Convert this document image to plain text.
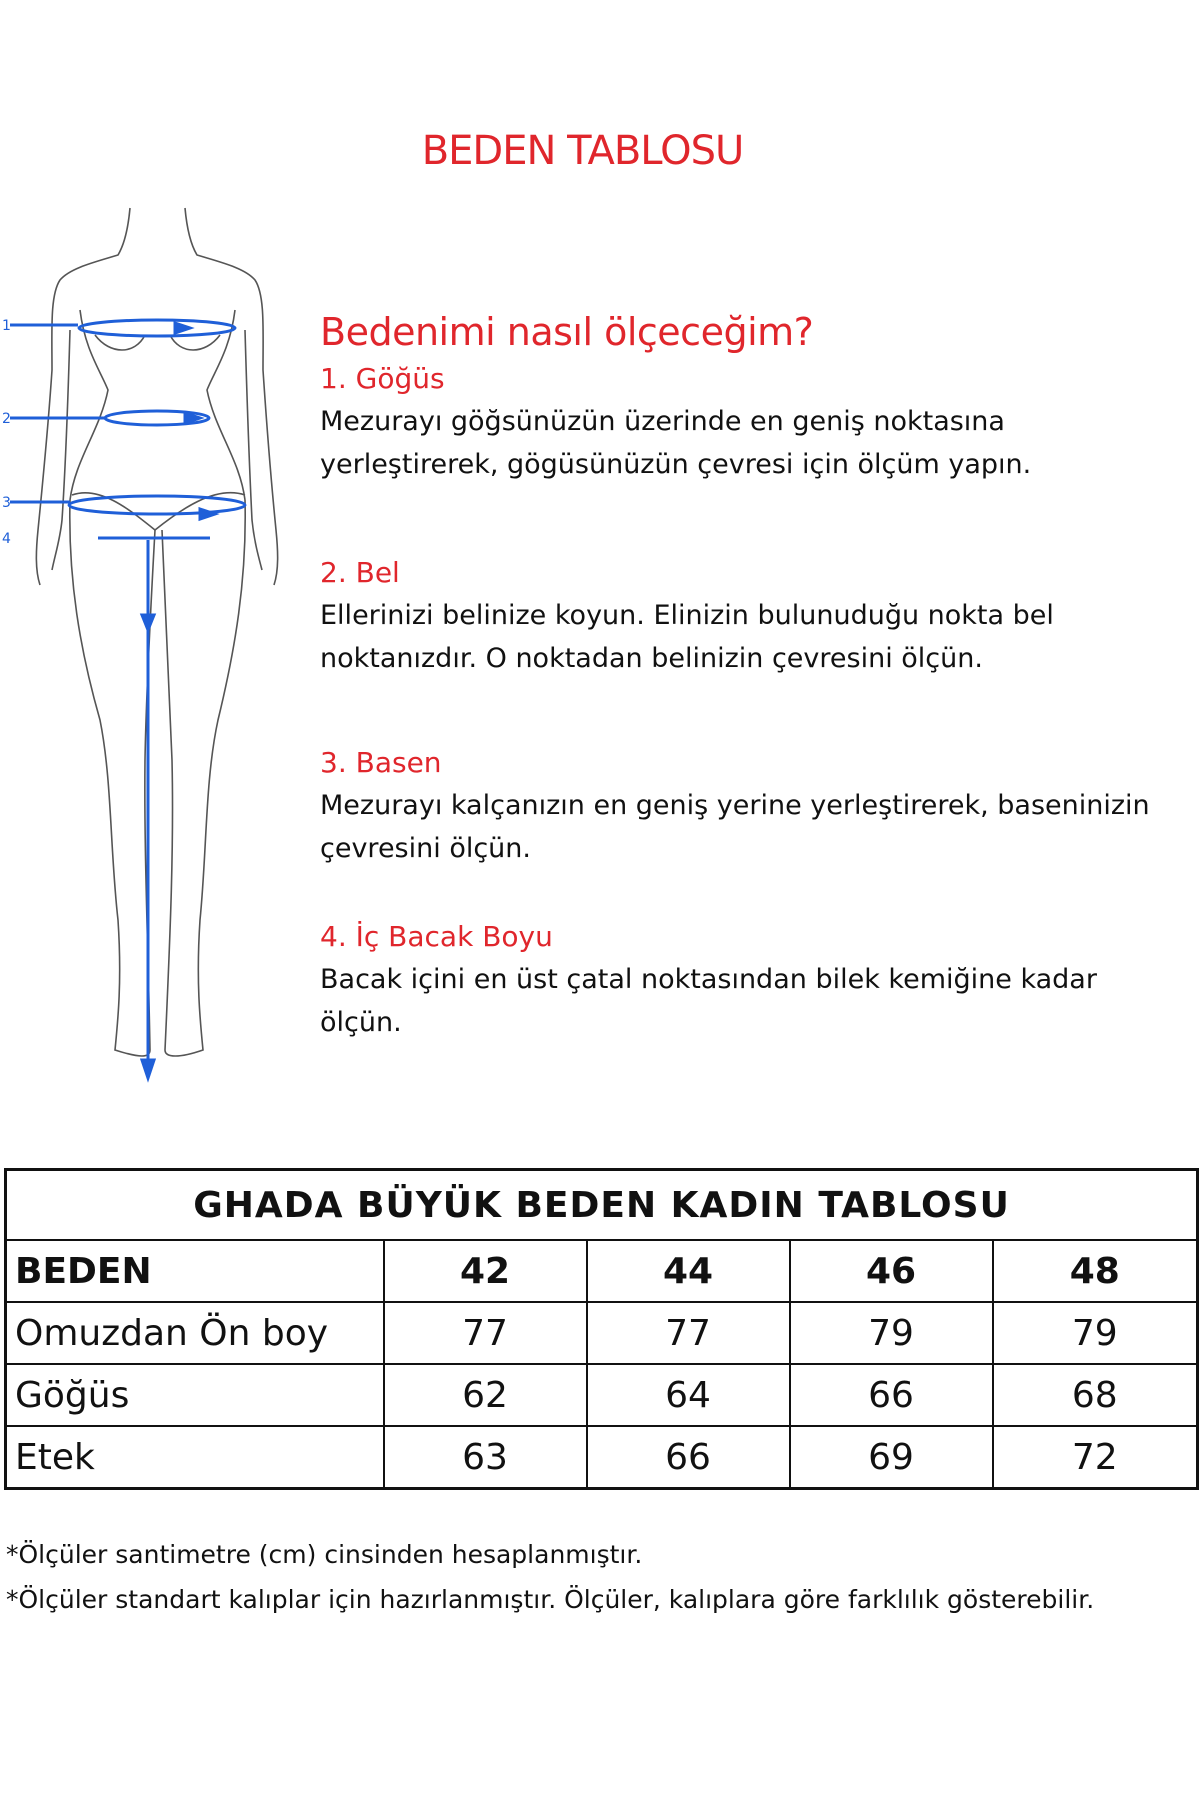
BEDEN TABLOSU
1
2
3
4
Bedenimi nasıl ölçeceğim?
1. Göğüs
Mezurayı göğsünüzün üzerinde en geniş noktasına yerleştirerek, gögüsünüzün çevresi için ölçüm yapın.
2. Bel
Ellerinizi belinize koyun. Elinizin bulunuduğu nokta bel noktanızdır. O noktadan belinizin çevresini ölçün.
3. Basen
Mezurayı kalçanızın en geniş yerine yerleştirerek, baseninizin çevresini ölçün.
4. İç Bacak Boyu
Bacak içini en üst çatal noktasından bilek kemiğine kadar ölçün.
GHADA BÜYÜK BEDEN KADIN TABLOSU				
BEDEN	42	44	46	48
Omuzdan Ön boy	77	77	79	79
Göğüs	62	64	66	68
Etek	63	66	69	72
*Ölçüler santimetre (cm) cinsinden hesaplanmıştır.
*Ölçüler standart kalıplar için hazırlanmıştır. Ölçüler, kalıplara göre farklılık gösterebilir.
